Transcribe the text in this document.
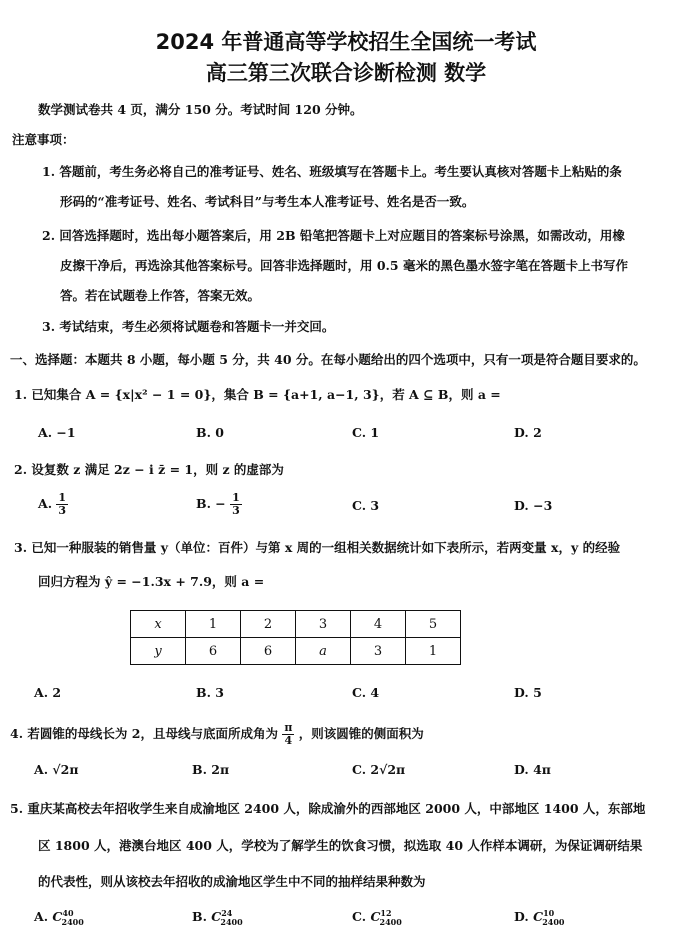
2024 年普通高等学校招生全国统一考试
高三第三次联合诊断检测 数学
数学测试卷共 4 页，满分 150 分。考试时间 120 分钟。
注意事项：
1. 答题前，考生务必将自己的准考证号、姓名、班级填写在答题卡上。考生要认真核对答题卡上粘贴的条
形码的“准考证号、姓名、考试科目”与考生本人准考证号、姓名是否一致。
2. 回答选择题时，选出每小题答案后，用 2B 铅笔把答题卡上对应题目的答案标号涂黑，如需改动，用橡
皮擦干净后，再选涂其他答案标号。回答非选择题时，用 0.5 毫米的黑色墨水签字笔在答题卡上书写作
答。若在试题卷上作答，答案无效。
3. 考试结束，考生必须将试题卷和答题卡一并交回。
一、选择题：本题共 8 小题，每小题 5 分，共 40 分。在每小题给出的四个选项中，只有一项是符合题目要求的。
1. 已知集合 A = {x|x² − 1 = 0}，集合 B = {a+1, a−1, 3}，若 A ⊆ B，则 a =
A. −1	B. 0	C. 1	D. 2
2. 设复数 z 满足 2z − i z̄ = 1，则 z 的虚部为
A. $\frac{1}{3}$	B. − $\frac{1}{3}$	C. 3	D. −3
3. 已知一种服装的销售量 y（单位：百件）与第 x 周的一组相关数据统计如下表所示，若两变量 x，y 的经验
回归方程为 ŷ = −1.3x + 7.9，则 a =
x	1	2	3	4	5
y	6	6	a	3	1
A. 2	B. 3	C. 4	D. 5
4. 若圆锥的母线长为 2，且母线与底面所成角为 $\frac{\pi}{4}$ ，则该圆锥的侧面积为
A. √2π	B. 2π	C. 2√2π	D. 4π
5. 重庆某高校去年招收学生来自成渝地区 2400 人，除成渝外的西部地区 2000 人，中部地区 1400 人，东部地
区 1800 人，港澳台地区 400 人，学校为了解学生的饮食习惯，拟选取 40 人作样本调研，为保证调研结果
的代表性，则从该校去年招收的成渝地区学生中不同的抽样结果种数为
A. $C^{40}_{2400}$	B. $C^{24}_{2400}$	C. $C^{12}_{2400}$	D. $C^{10}_{2400}$
